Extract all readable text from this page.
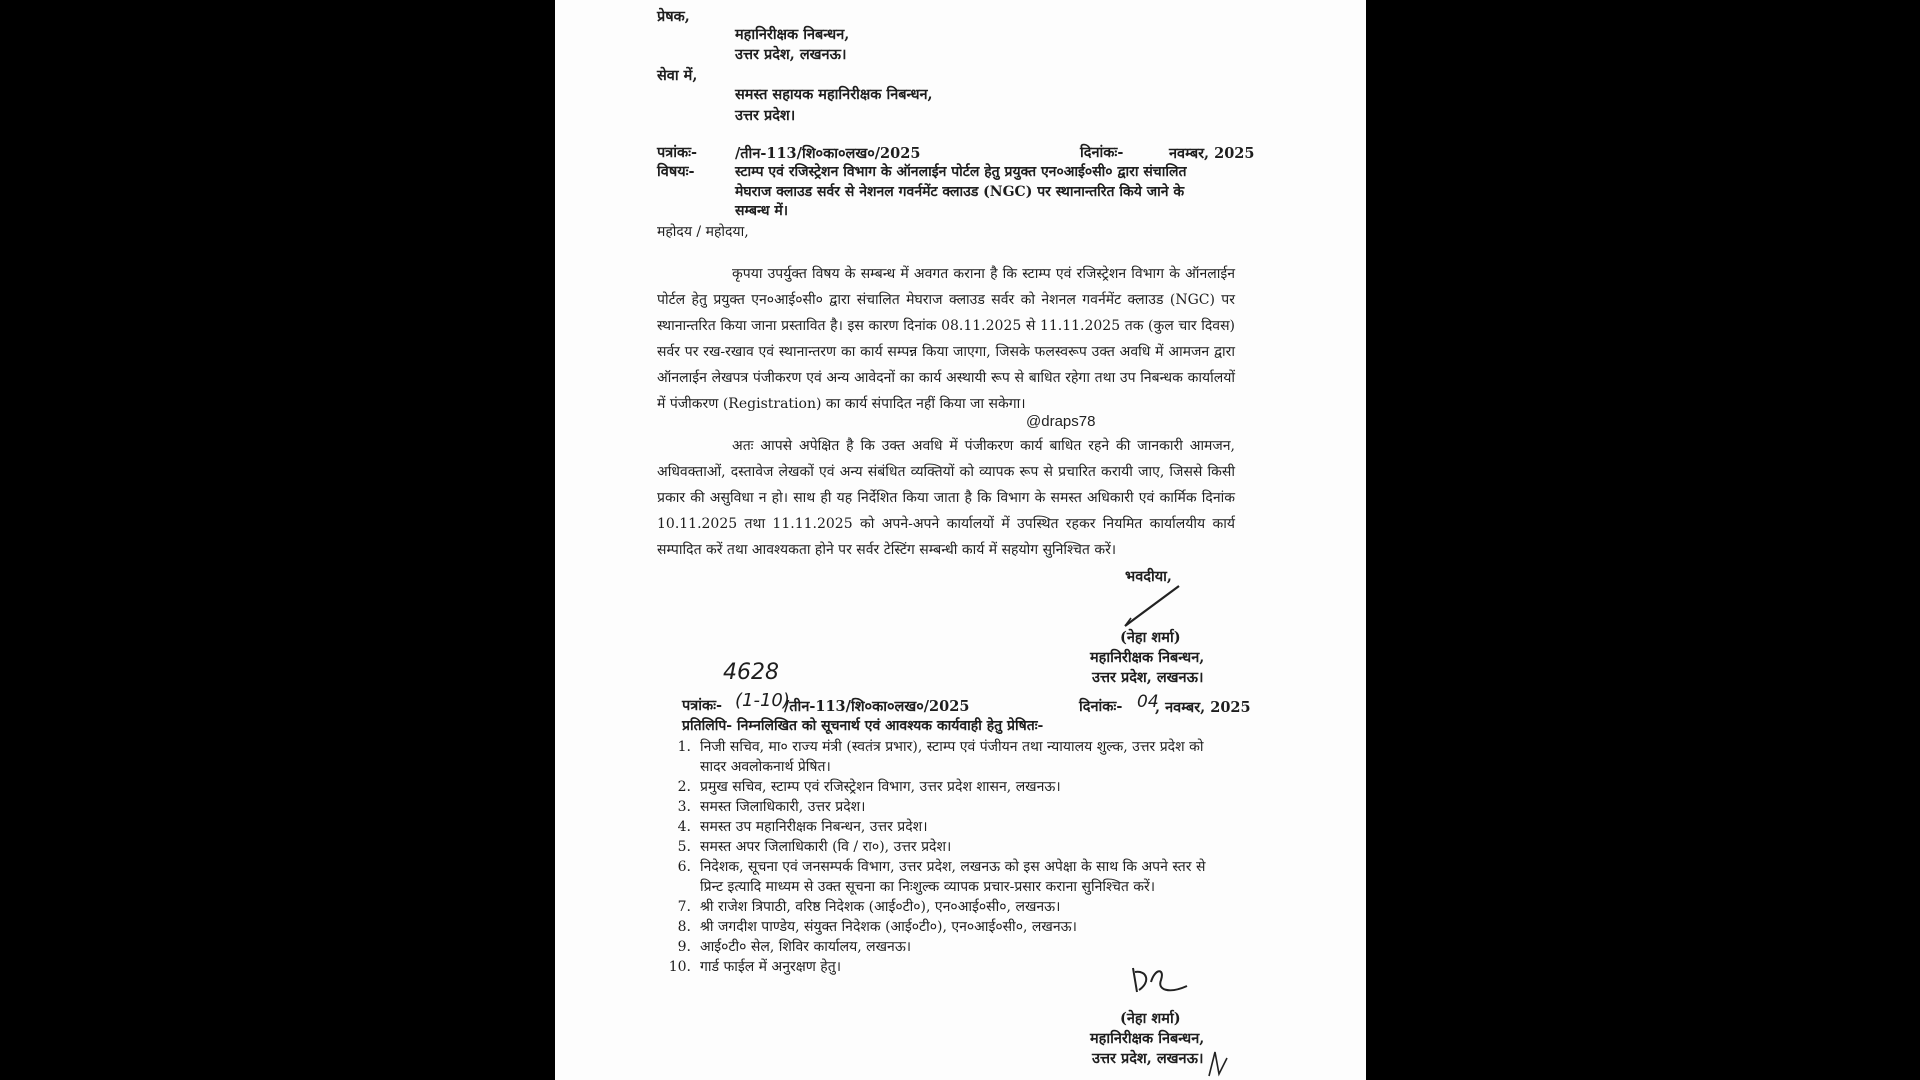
प्रेषक,
महानिरीक्षक निबन्धन,
उत्तर प्रदेश, लखनऊ।
सेवा में,
समस्त सहायक महानिरीक्षक निबन्धन,
उत्तर प्रदेश।
पत्रांकः-	/तीन-113/शि०का०लख०/2025	दिनांकः-	नवम्बर, 2025
विषयः-	स्टाम्प एवं रजिस्ट्रेशन विभाग के ऑनलाईन पोर्टल हेतु प्रयुक्त एन०आई०सी० द्वारा संचालित
मेघराज क्लाउड सर्वर से नेशनल गवर्नमेंट क्लाउड (NGC) पर स्थानान्तरित किये जाने के
सम्बन्ध में।
महोदय / महोदया,
कृपया उपर्युक्त विषय के सम्बन्ध में अवगत कराना है कि स्टाम्प एवं रजिस्ट्रेशन विभाग के ऑनलाईन पोर्टल हेतु प्रयुक्त एन०आई०सी० द्वारा संचालित मेघराज क्लाउड सर्वर को नेशनल गवर्नमेंट क्लाउड (NGC) पर स्थानान्तरित किया जाना प्रस्तावित है। इस कारण दिनांक 08.11.2025 से 11.11.2025 तक (कुल चार दिवस) सर्वर पर रख-रखाव एवं स्थानान्तरण का कार्य सम्पन्न किया जाएगा, जिसके फलस्वरूप उक्त अवधि में आमजन द्वारा ऑनलाईन लेखपत्र पंजीकरण एवं अन्य आवेदनों का कार्य अस्थायी रूप से बाधित रहेगा तथा उप निबन्धक कार्यालयों में पंजीकरण (Registration) का कार्य संपादित नहीं किया जा सकेगा।
@draps78
अतः आपसे अपेक्षित है कि उक्त अवधि में पंजीकरण कार्य बाधित रहने की जानकारी आमजन, अधिवक्ताओं, दस्तावेज लेखकों एवं अन्य संबंधित व्यक्तियों को व्यापक रूप से प्रचारित करायी जाए, जिससे किसी प्रकार की असुविधा न हो। साथ ही यह निर्देशित किया जाता है कि विभाग के समस्त अधिकारी एवं कार्मिक दिनांक 10.11.2025 तथा 11.11.2025 को अपने-अपने कार्यालयों में उपस्थित रहकर नियमित कार्यालयीय कार्य सम्पादित करें तथा आवश्यकता होने पर सर्वर टेस्टिंग सम्बन्धी कार्य में सहयोग सुनिश्चित करें।
भवदीया,
(नेहा शर्मा)
महानिरीक्षक निबन्धन,
उत्तर प्रदेश, लखनऊ।
4628
पत्रांकः- (1-10)
/तीन-113/शि०का०लख०/2025	दिनांकः- 04
, नवम्बर, 2025
प्रतिलिपि- निम्नलिखित को सूचनार्थ एवं आवश्यक कार्यवाही हेतु प्रेषितः-
1. निजी सचिव, मा० राज्य मंत्री (स्वतंत्र प्रभार), स्टाम्प एवं पंजीयन तथा न्यायालय शुल्क, उत्तर प्रदेश को
सादर अवलोकनार्थ प्रेषित।
2. प्रमुख सचिव, स्टाम्प एवं रजिस्ट्रेशन विभाग, उत्तर प्रदेश शासन, लखनऊ।
3. समस्त जिलाधिकारी, उत्तर प्रदेश।
4. समस्त उप महानिरीक्षक निबन्धन, उत्तर प्रदेश।
5. समस्त अपर जिलाधिकारी (वि / रा०), उत्तर प्रदेश।
6. निदेशक, सूचना एवं जनसम्पर्क विभाग, उत्तर प्रदेश, लखनऊ को इस अपेक्षा के साथ कि अपने स्तर से
प्रिन्ट इत्यादि माध्यम से उक्त सूचना का निःशुल्क व्यापक प्रचार-प्रसार कराना सुनिश्चित करें।
7. श्री राजेश त्रिपाठी, वरिष्ठ निदेशक (आई०टी०), एन०आई०सी०, लखनऊ।
8. श्री जगदीश पाण्डेय, संयुक्त निदेशक (आई०टी०), एन०आई०सी०, लखनऊ।
9. आई०टी० सेल, शिविर कार्यालय, लखनऊ।
10. गार्ड फाईल में अनुरक्षण हेतु।
(नेहा शर्मा)
महानिरीक्षक निबन्धन,
उत्तर प्रदेश, लखनऊ।
